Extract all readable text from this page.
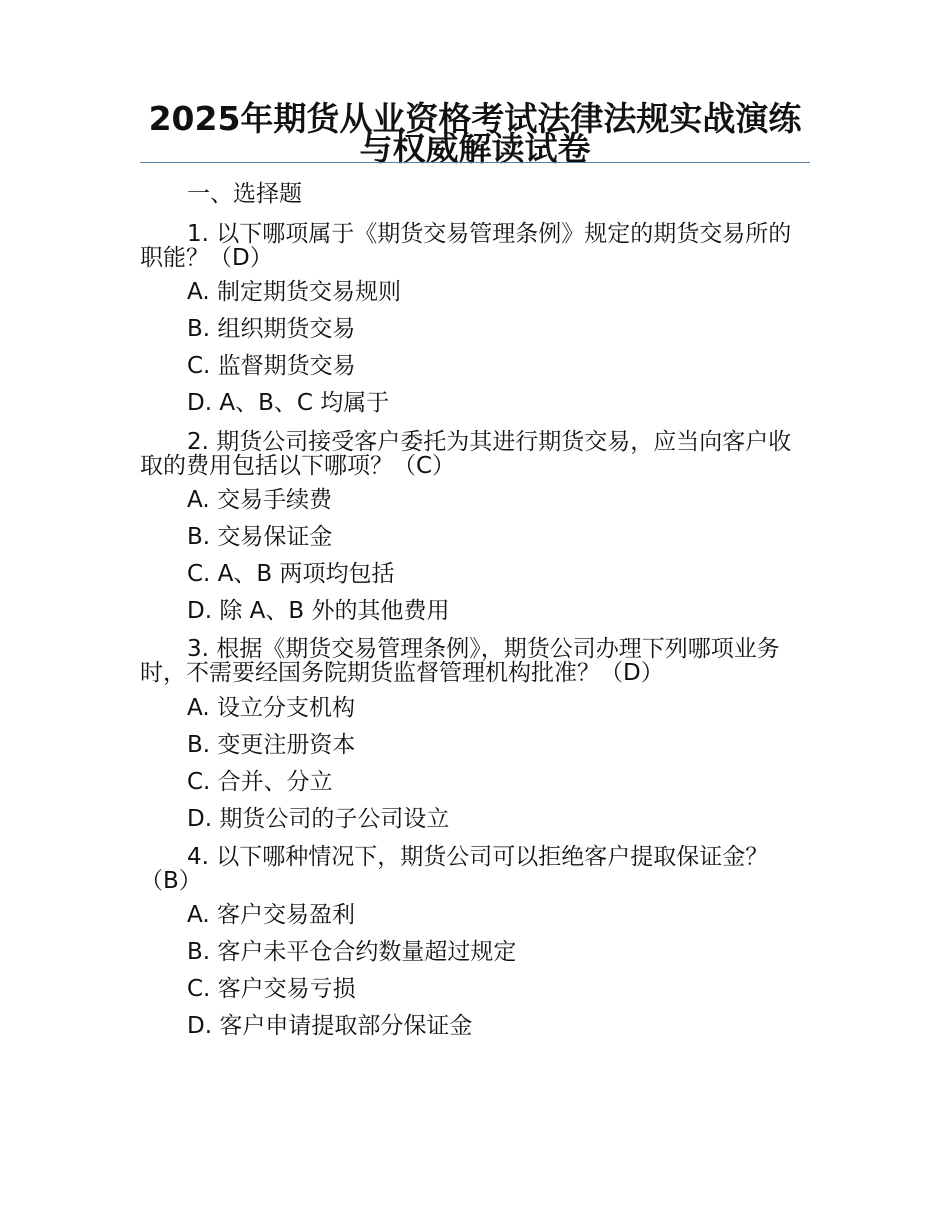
2025年期货从业资格考试法律法规实战演练与权威解读试卷
一、选择题
1. 以下哪项属于《期货交易管理条例》规定的期货交易所的职能？（D）
A. 制定期货交易规则
B. 组织期货交易
C. 监督期货交易
D. A、B、C 均属于
2. 期货公司接受客户委托为其进行期货交易，应当向客户收取的费用包括以下哪项？（C）
A. 交易手续费
B. 交易保证金
C. A、B 两项均包括
D. 除 A、B 外的其他费用
3. 根据《期货交易管理条例》，期货公司办理下列哪项业务时，不需要经国务院期货监督管理机构批准？（D）
A. 设立分支机构
B. 变更注册资本
C. 合并、分立
D. 期货公司的子公司设立
4. 以下哪种情况下，期货公司可以拒绝客户提取保证金？（B）
A. 客户交易盈利
B. 客户未平仓合约数量超过规定
C. 客户交易亏损
D. 客户申请提取部分保证金
